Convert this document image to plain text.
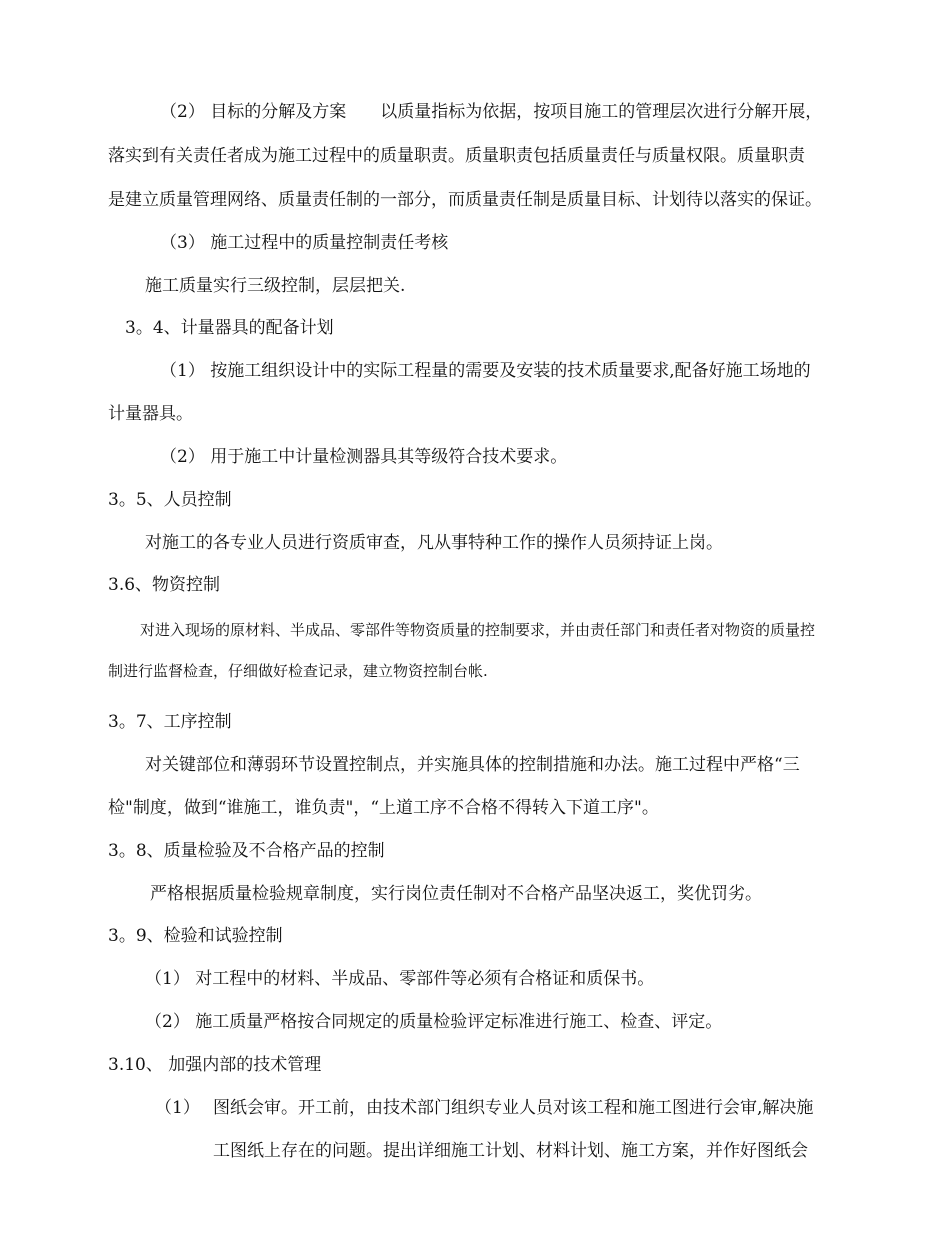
（2） 目标的分解及方案　　以质量指标为依据，按项目施工的管理层次进行分解开展，
落实到有关责任者成为施工过程中的质量职责。质量职责包括质量责任与质量权限。质量职责
是建立质量管理网络、质量责任制的一部分，而质量责任制是质量目标、计划待以落实的保证。
（3） 施工过程中的质量控制责任考核
施工质量实行三级控制，层层把关.
3。4、计量器具的配备计划
（1） 按施工组织设计中的实际工程量的需要及安装的技术质量要求,配备好施工场地的
计量器具。
（2） 用于施工中计量检测器具其等级符合技术要求。
3。5、人员控制
对施工的各专业人员进行资质审查，凡从事特种工作的操作人员须持证上岗。
3.6、物资控制
对进入现场的原材料、半成品、零部件等物资质量的控制要求，并由责任部门和责任者对物资的质量控
制进行监督检查，仔细做好检查记录，建立物资控制台帐.
3。7、工序控制
对关键部位和薄弱环节设置控制点，并实施具体的控制措施和办法。施工过程中严格“三
检"制度，做到“谁施工，谁负责"，“上道工序不合格不得转入下道工序"。
3。8、质量检验及不合格产品的控制
严格根据质量检验规章制度，实行岗位责任制对不合格产品坚决返工，奖优罚劣。
3。9、检验和试验控制
（1） 对工程中的材料、半成品、零部件等必须有合格证和质保书。
（2） 施工质量严格按合同规定的质量检验评定标准进行施工、检查、评定。
3.10、 加强内部的技术管理
（1） 图纸会审。开工前，由技术部门组织专业人员对该工程和施工图进行会审,解决施
工图纸上存在的问题。提出详细施工计划、材料计划、施工方案，并作好图纸会
